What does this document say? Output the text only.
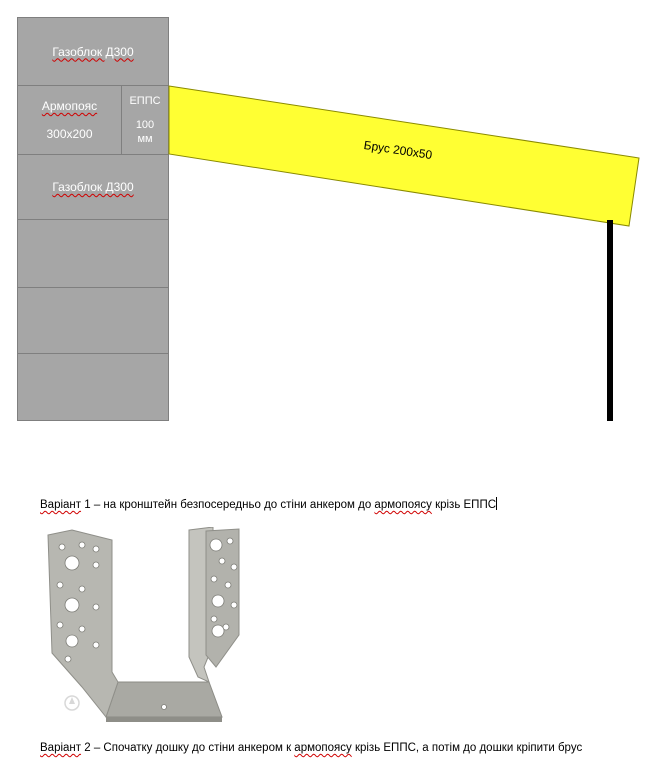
Газоблок Д300
Армопояс
300х200
ЕППС
100
мм
Газоблок Д300
Брус 200х50
Варіант 1 – на кронштейн безпосередньо до стіни анкером до армопоясу крізь ЕППС
Варіант 2 – Спочатку дошку до стіни анкером к армопоясу крізь ЕППС, а потім до дошки кріпити брус
